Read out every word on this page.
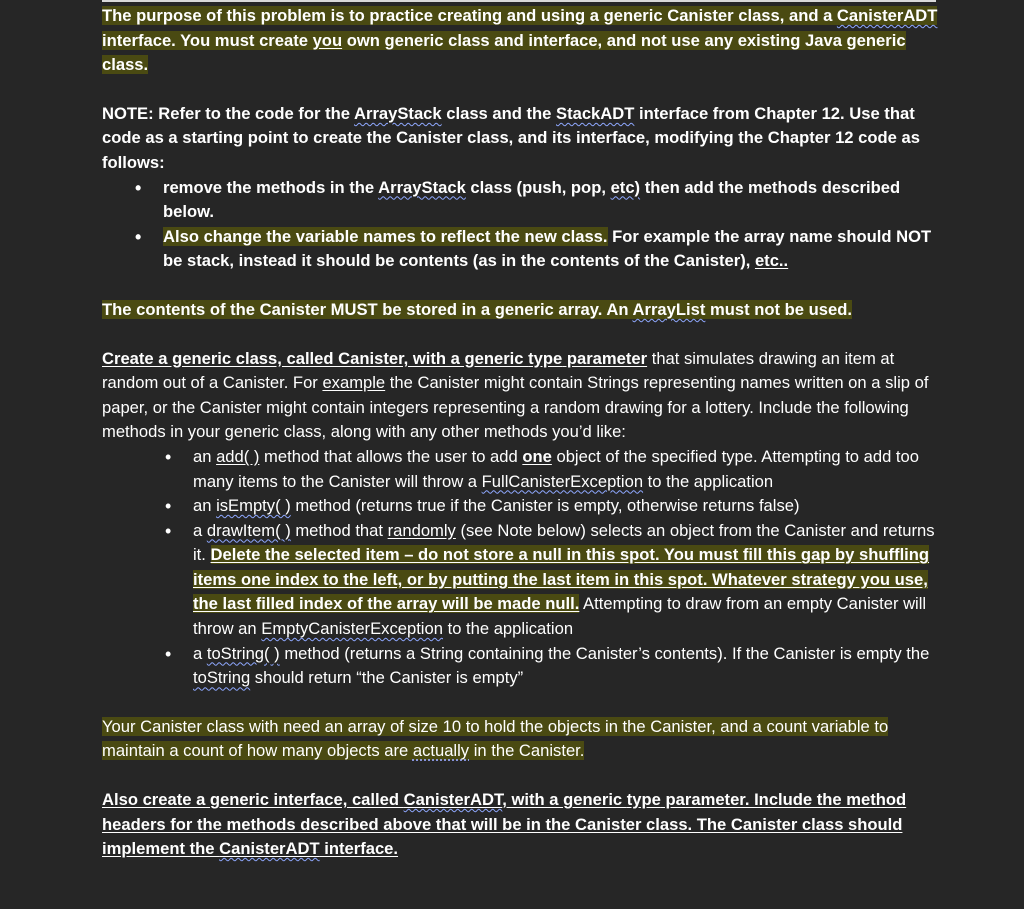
The purpose of this problem is to practice creating and using a generic Canister class, and a CanisterADT interface. You must create you own generic class and interface, and not use any existing Java generic class.

NOTE: Refer to the code for the ArrayStack class and the StackADT interface from Chapter 12. Use that code as a starting point to create the Canister class, and its interface, modifying the Chapter 12 code as follows:

• remove the methods in the ArrayStack class (push, pop, etc) then add the methods described below.
• Also change the variable names to reflect the new class. For example the array name should NOT be stack, instead it should be contents (as in the contents of the Canister), etc..

The contents of the Canister MUST be stored in a generic array. An ArrayList must not be used.

Create a generic class, called Canister, with a generic type parameter that simulates drawing an item at random out of a Canister. For example the Canister might contain Strings representing names written on a slip of paper, or the Canister might contain integers representing a random drawing for a lottery. Include the following methods in your generic class, along with any other methods you’d like:

• an add( ) method that allows the user to add one object of the specified type. Attempting to add too many items to the Canister will throw a FullCanisterException to the application
• an isEmpty( ) method (returns true if the Canister is empty, otherwise returns false)
• a drawItem( ) method that randomly (see Note below) selects an object from the Canister and returns it. Delete the selected item – do not store a null in this spot. You must fill this gap by shuffling items one index to the left, or by putting the last item in this spot. Whatever strategy you use, the last filled index of the array will be made null. Attempting to draw from an empty Canister will throw an EmptyCanisterException to the application
• a toString( ) method (returns a String containing the Canister’s contents). If the Canister is empty the toString should return “the Canister is empty”

Your Canister class with need an array of size 10 to hold the objects in the Canister, and a count variable to maintain a count of how many objects are actually in the Canister.

Also create a generic interface, called CanisterADT, with a generic type parameter. Include the method headers for the methods described above that will be in the Canister class. The Canister class should implement the CanisterADT interface.
